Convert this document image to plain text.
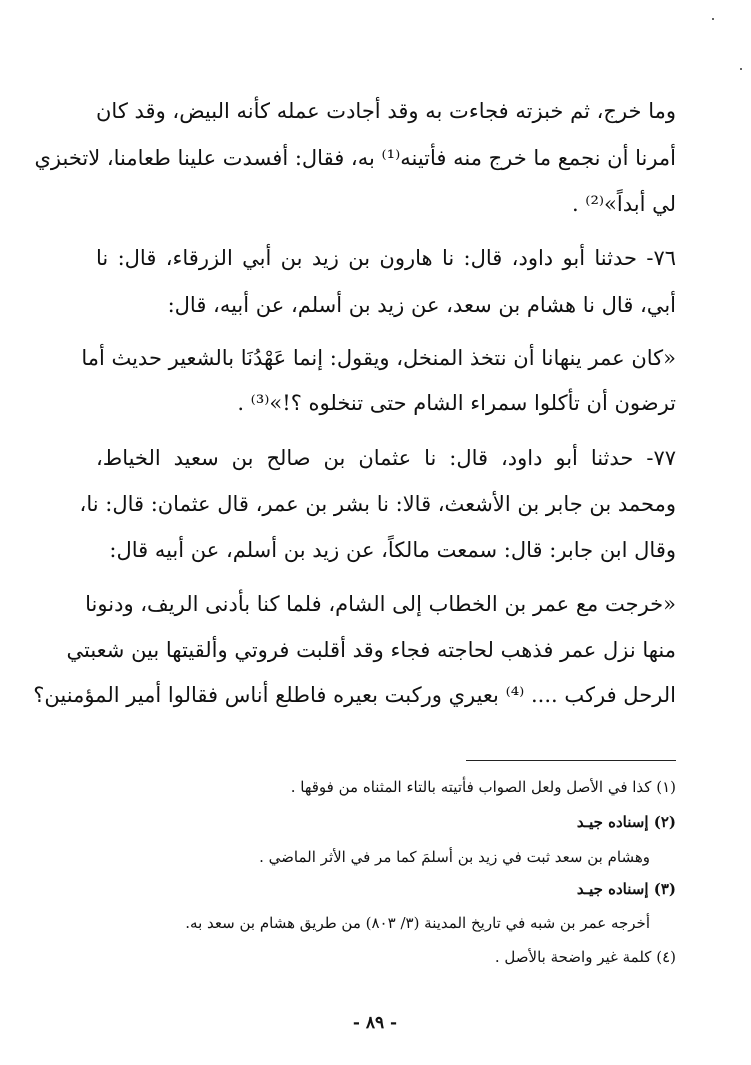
وما خرج، ثم خبزته فجاءت به وقد أجادت عمله كأنه البيض، وقد كان
أمرنا أن نجمع ما خرج منه فأتينه⁽¹⁾ به، فقال: أفسدت علينا طعامنا، لاتخبزي
لي أبداً»⁽²⁾ .
٧٦- حدثنا أبو داود، قال: نا هارون بن زيد بن أبي الزرقاء، قال: نا
أبي، قال نا هشام بن سعد، عن زيد بن أسلم، عن أبيه، قال:
«كان عمر ينهانا أن نتخذ المنخل، ويقول: إنما عَهْدُنَا بالشعير حديث أما
ترضون أن تأكلوا سمراء الشام حتى تنخلوه ؟!»⁽³⁾ .
٧٧- حدثنا أبو داود، قال: نا عثمان بن صالح بن سعيد الخياط،
ومحمد بن جابر بن الأشعث، قالا: نا بشر بن عمر، قال عثمان: قال: نا،
وقال ابن جابر: قال: سمعت مالكاً، عن زيد بن أسلم، عن أبيه قال:
«خرجت مع عمر بن الخطاب إلى الشام، فلما كنا بأدنى الريف، ودنونا
منها نزل عمر فذهب لحاجته فجاء وقد أقلبت فروتي وألقيتها بين شعبتي
الرحل فركب .... ⁽⁴⁾ بعيري وركبت بعيره فاطلع أناس فقالوا أمير المؤمنين؟
(١) كذا في الأصل ولعل الصواب فأتيته بالتاء المثناه من فوقها .
(٢) إسناده جيـد
وهشام بن سعد ثبت في زيد بن أسلمَ كما مر في الأثر الماضي .
(٣) إسناده جيـد
أخرجه عمر بن شبه في تاريخ المدينة (٣/ ٨٠٣) من طريق هشام بن سعد به.
(٤) كلمة غير واضحة بالأصل .
- ٨٩ -
